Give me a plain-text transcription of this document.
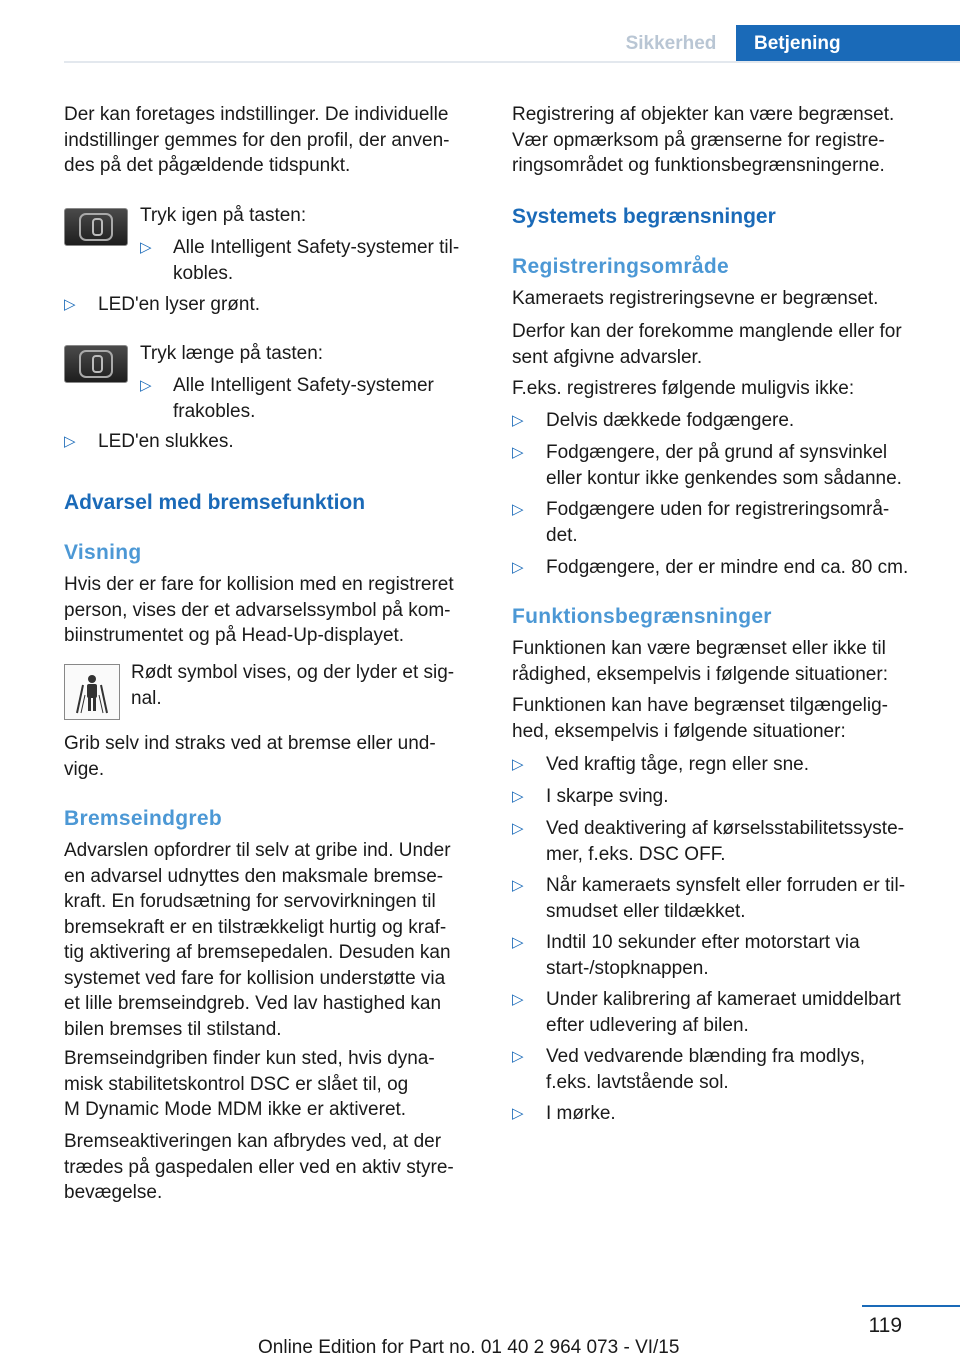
Sikkerhed Betjening
Der kan foretages indstillinger. De individuelle
indstillinger gemmes for den profil, der anven-
des på det pågældende tidspunkt.
Tryk igen på tasten:
▷	Alle Intelligent Safety-systemer til-
kobles.
▷	LED'en lyser grønt.
Tryk længe på tasten:
▷	Alle Intelligent Safety-systemer
frakobles.
▷	LED'en slukkes.
Advarsel med bremsefunktion
Visning
Hvis der er fare for kollision med en registreret
person, vises der et advarselssymbol på kom-
biinstrumentet og på Head-Up-displayet.
Rødt symbol vises, og der lyder et sig-
nal.
Grib selv ind straks ved at bremse eller und-
vige.
Bremseindgreb
Advarslen opfordrer til selv at gribe ind. Under
en advarsel udnyttes den maksmale bremse-
kraft. En forudsætning for servovirkningen til
bremsekraft er en tilstrækkeligt hurtig og kraf-
tig aktivering af bremsepedalen. Desuden kan
systemet ved fare for kollision understøtte via
et lille bremseindgreb. Ved lav hastighed kan
bilen bremses til stilstand.
Bremseindgriben finder kun sted, hvis dyna-
misk stabilitetskontrol DSC er slået til, og
M Dynamic Mode MDM ikke er aktiveret.
Bremseaktiveringen kan afbrydes ved, at der
trædes på gaspedalen eller ved en aktiv styre-
bevægelse.
Registrering af objekter kan være begrænset.
Vær opmærksom på grænserne for registre-
ringsområdet og funktionsbegrænsningerne.
Systemets begrænsninger
Registreringsområde
Kameraets registreringsevne er begrænset.
Derfor kan der forekomme manglende eller for
sent afgivne advarsler.
F.eks. registreres følgende muligvis ikke:
▷	Delvis dækkede fodgængere.
▷	Fodgængere, der på grund af synsvinkel
eller kontur ikke genkendes som sådanne.
▷	Fodgængere uden for registreringsområ-
det.
▷	Fodgængere, der er mindre end ca. 80 cm.
Funktionsbegrænsninger
Funktionen kan være begrænset eller ikke til
rådighed, eksempelvis i følgende situationer:
Funktionen kan have begrænset tilgængelig-
hed, eksempelvis i følgende situationer:
▷	Ved kraftig tåge, regn eller sne.
▷	I skarpe sving.
▷	Ved deaktivering af kørselsstabilitetssyste-
mer, f.eks. DSC OFF.
▷	Når kameraets synsfelt eller forruden er til-
smudset eller tildækket.
▷	Indtil 10 sekunder efter motorstart via
start-/stopknappen.
▷	Under kalibrering af kameraet umiddelbart
efter udlevering af bilen.
▷	Ved vedvarende blænding fra modlys,
f.eks. lavtstående sol.
▷	I mørke.
119
Online Edition for Part no. 01 40 2 964 073 - VI/15
